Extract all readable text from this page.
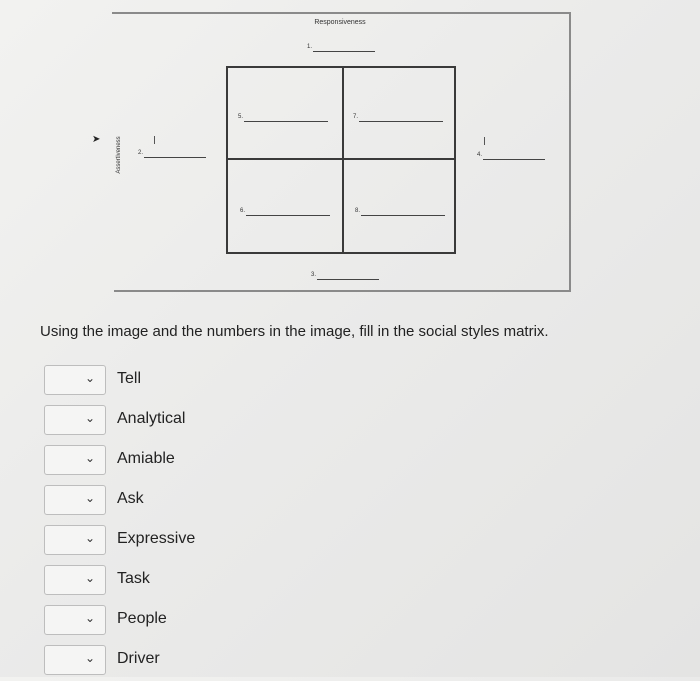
Responsiveness
1.
➤	Assertiveness	2.	4.
5.	7.
6.	8.
3.
Using the image and the numbers in the image, fill in the social styles matrix.
⌄ Tell
⌄ Analytical
⌄ Amiable
⌄ Ask
⌄ Expressive
⌄ Task
⌄ People
⌄ Driver
